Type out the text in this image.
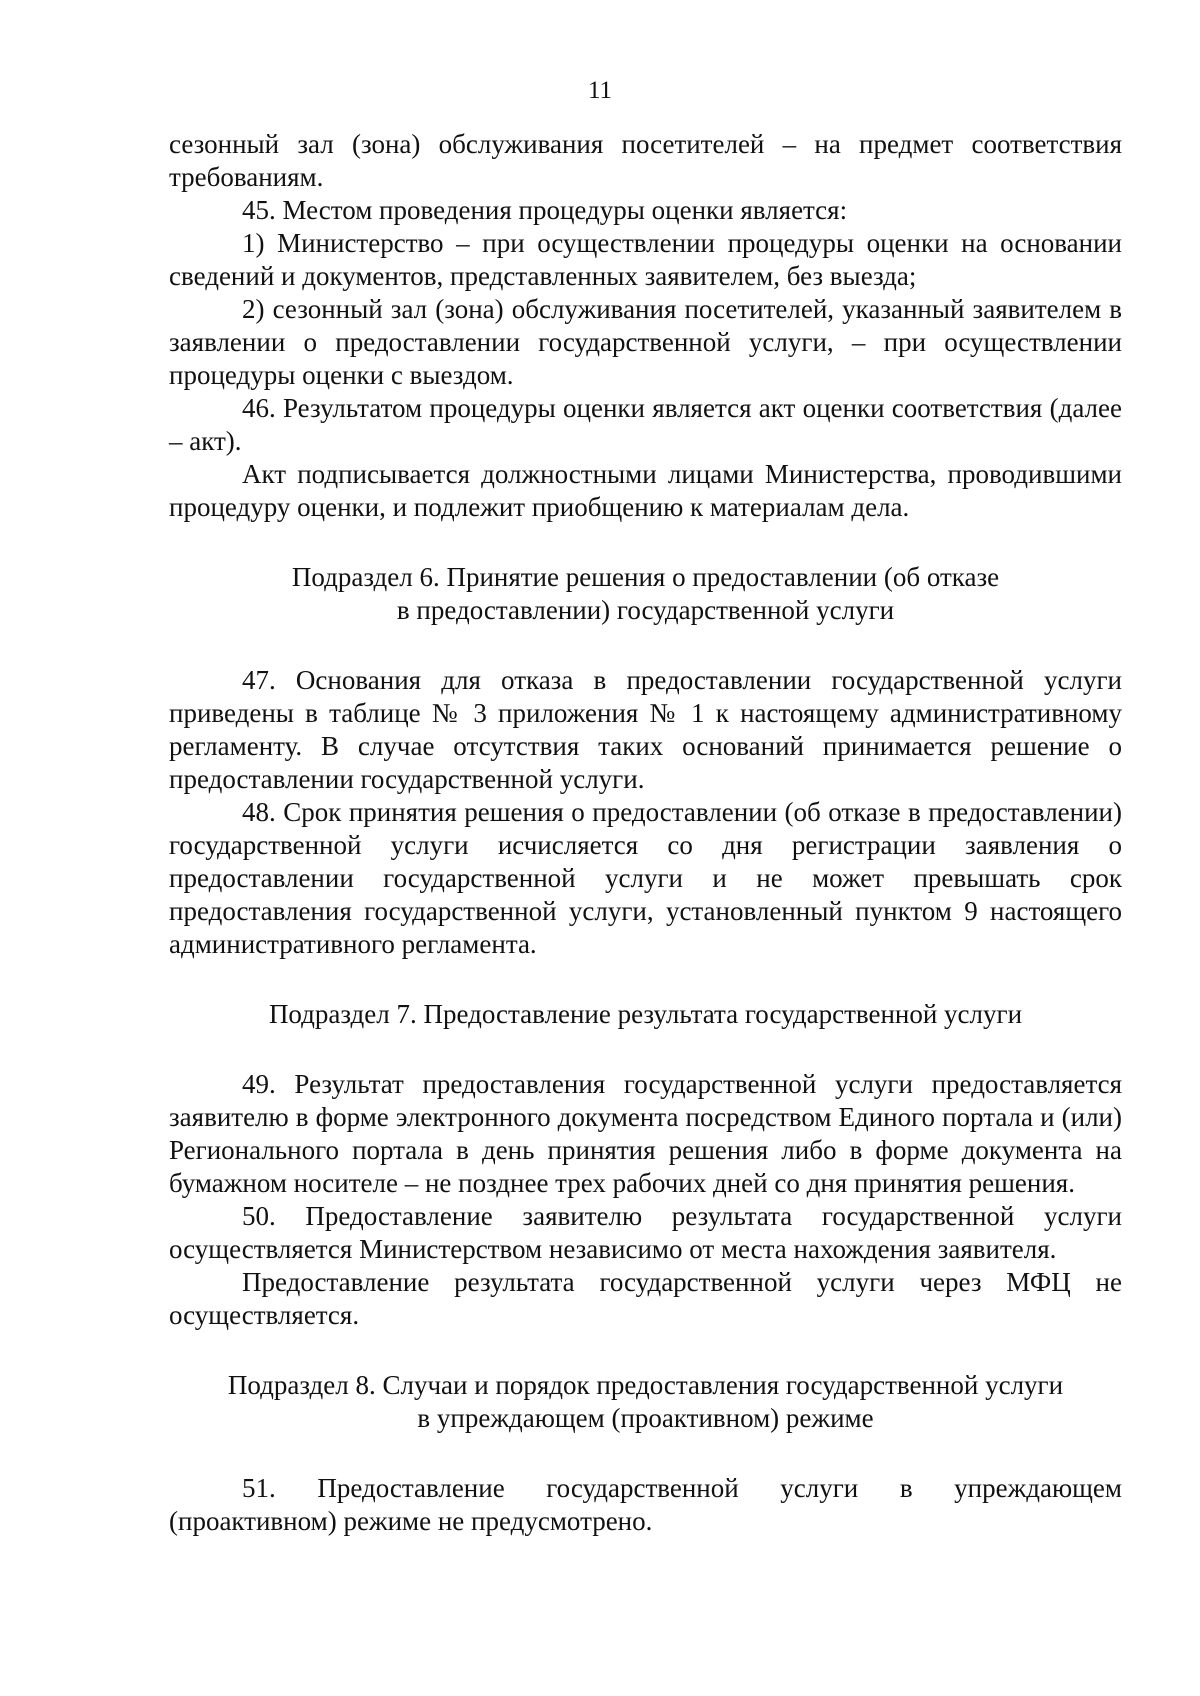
11

сезонный зал (зона) обслуживания посетителей – на предмет соответствия требованиям.

45. Местом проведения процедуры оценки является:

1) Министерство – при осуществлении процедуры оценки на основании сведений и документов, представленных заявителем, без выезда;

2) сезонный зал (зона) обслуживания посетителей, указанный заявителем в заявлении о предоставлении государственной услуги, – при осуществлении процедуры оценки с выездом.

46. Результатом процедуры оценки является акт оценки соответствия (далее – акт).

Акт подписывается должностными лицами Министерства, проводившими процедуру оценки, и подлежит приобщению к материалам дела.

Подраздел 6. Принятие решения о предоставлении (об отказе
в предоставлении) государственной услуги

47. Основания для отказа в предоставлении государственной услуги приведены в таблице № 3 приложения № 1 к настоящему административному регламенту. В случае отсутствия таких оснований принимается решение о предоставлении государственной услуги.

48. Срок принятия решения о предоставлении (об отказе в предоставлении) государственной услуги исчисляется со дня регистрации заявления о предоставлении государственной услуги и не может превышать срок предоставления государственной услуги, установленный пунктом 9 настоящего административного регламента.

Подраздел 7. Предоставление результата государственной услуги

49. Результат предоставления государственной услуги предоставляется заявителю в форме электронного документа посредством Единого портала и (или) Регионального портала в день принятия решения либо в форме документа на бумажном носителе – не позднее трех рабочих дней со дня принятия решения.

50. Предоставление заявителю результата государственной услуги осуществляется Министерством независимо от места нахождения заявителя.

Предоставление результата государственной услуги через МФЦ не осуществляется.

Подраздел 8. Случаи и порядок предоставления государственной услуги
в упреждающем (проактивном) режиме

51. Предоставление государственной услуги в упреждающем (проактивном) режиме не предусмотрено.
